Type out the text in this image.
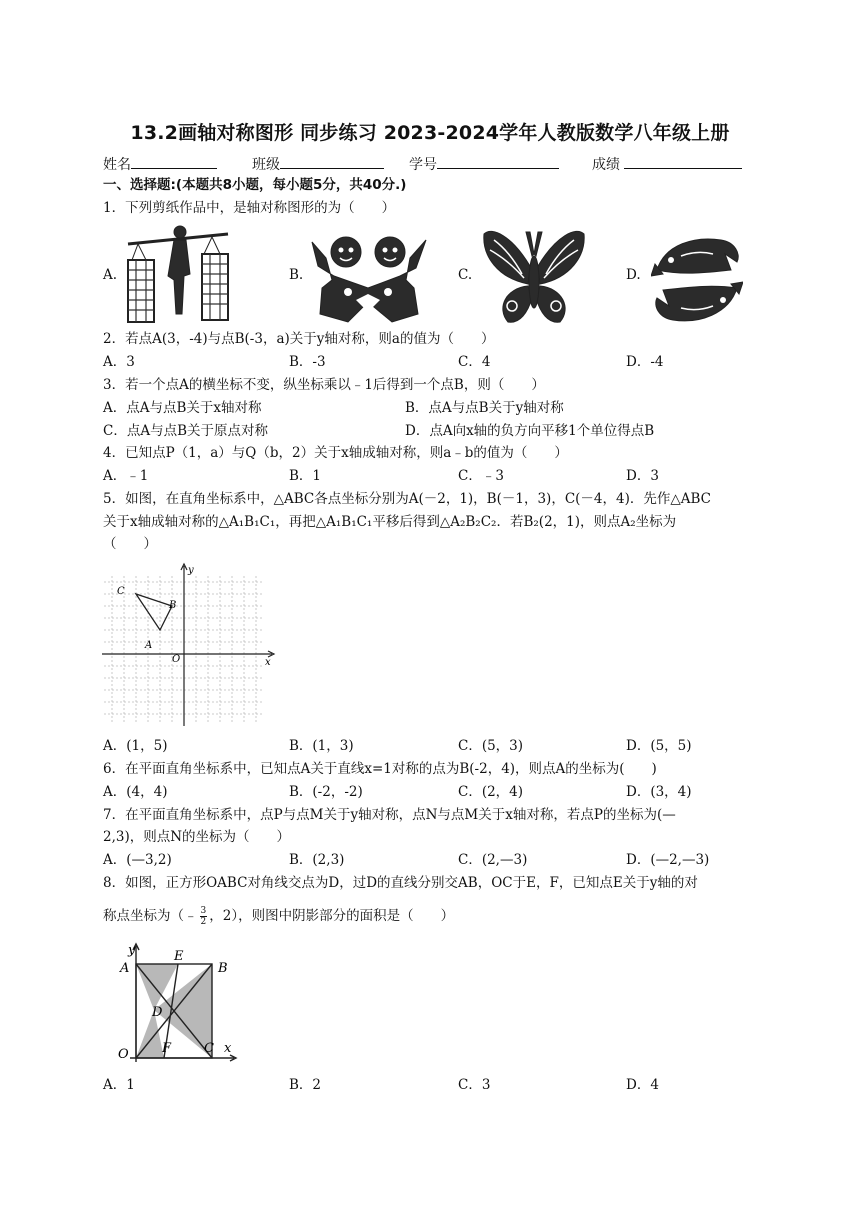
13.2画轴对称图形 同步练习 2023-2024学年人教版数学八年级上册
姓名	班级	学号	成绩
一、选择题:(本题共8小题，每小题5分，共40分.)
1．下列剪纸作品中，是轴对称图形的为（　　）
A.	B.	C.	D.
2．若点A(3，-4)与点B(-3，a)关于y轴对称，则a的值为（　　）
A．3	B．-3	C．4	D．-4
3．若一个点A的横坐标不变，纵坐标乘以﹣1后得到一个点B，则（　　）
A．点A与点B关于x轴对称	B．点A与点B关于y轴对称
C．点A与点B关于原点对称	D．点A向x轴的负方向平移1个单位得点B
4．已知点P（1，a）与Q（b，2）关于x轴成轴对称，则a﹣b的值为（　　）
A．﹣1	B．1	C．﹣3	D．3
5．如图，在直角坐标系中，△ABC各点坐标分别为A(－2，1)，B(－1，3)，C(－4，4)．先作△ABC
关于x轴成轴对称的△A₁B₁C₁，再把△A₁B₁C₁平移后得到△A₂B₂C₂．若B₂(2，1)，则点A₂坐标为
（　　）
C
B
A
O	x
y
A．(1，5)	B．(1，3)	C．(5，3)	D．(5，5)
6．在平面直角坐标系中，已知点A关于直线x=1对称的点为B(-2，4)，则点A的坐标为(　　)
A．(4，4)	B．(-2，-2)	C．(2，4)	D．(3，4)
7．在平面直角坐标系中，点P与点M关于y轴对称，点N与点M关于x轴对称，若点P的坐标为(—
2,3)，则点N的坐标为（　　）
A．(—3,2)	B．(2,3)	C．(2,—3)	D．(—2,—3)
8．如图，正方形OABC对角线交点为D，过D的直线分别交AB，OC于E，F，已知点E关于y轴的对
称点坐标为（﹣ $\frac{3}{2}$ ，2），则图中阴影部分的面积是（　　）
y
A
E
B
D
O	F	C x
A．1	B．2	C．3	D．4
